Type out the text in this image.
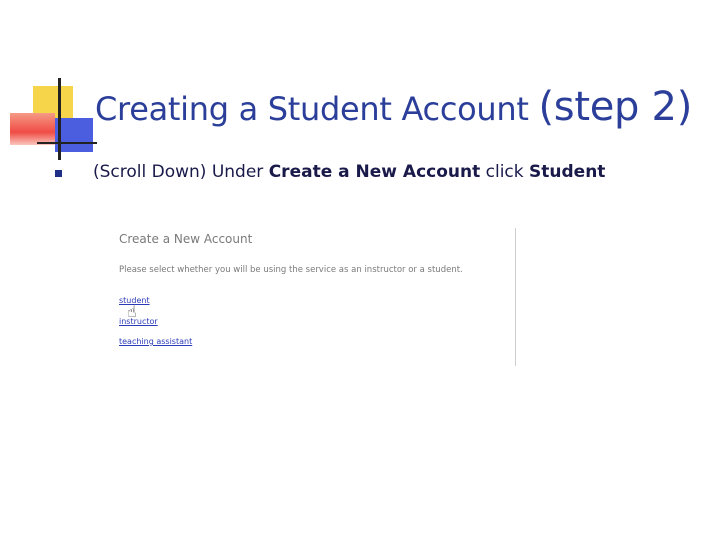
Creating a Student Account (step 2)
(Scroll Down) Under Create a New Account click Student
Create a New Account
Please select whether you will be using the service as an instructor or a student.
student
instructor
teaching assistant
☝
